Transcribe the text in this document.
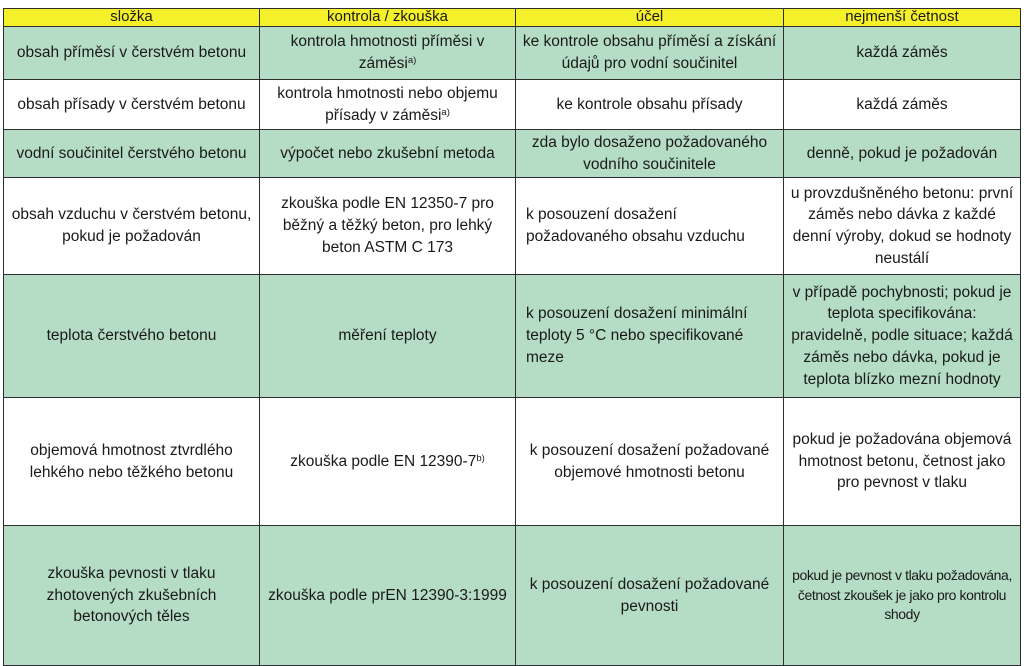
složka	kontrola / zkouška	účel	nejmenší četnost
obsah příměsí v čerstvém betonu	kontrola hmotnosti příměsi v záměsi$^{a)}$	ke kontrole obsahu příměsí a získání údajů pro vodní součinitel	každá záměs
obsah přísady v čerstvém betonu	kontrola hmotnosti nebo objemu přísady v záměsi$^{a)}$	ke kontrole obsahu přísady	každá záměs
vodní součinitel čerstvého betonu	výpočet nebo zkušební metoda	zda bylo dosaženo požadovaného vodního součinitele	denně, pokud je požadován
obsah vzduchu v čerstvém betonu, pokud je požadován	zkouška podle EN 12350-7 pro běžný a těžký beton, pro lehký beton ASTM C 173	k posouzení dosažení požadovaného obsahu vzduchu	u provzdušněného betonu: první záměs nebo dávka z každé denní výroby, dokud se hodnoty neustálí
teplota čerstvého betonu	měření teploty	k posouzení dosažení minimální teploty 5 °C nebo specifikované meze	v případě pochybnosti; pokud je teplota specifikována: pravidelně, podle situace; každá záměs nebo dávka, pokud je teplota blízko mezní hodnoty
objemová hmotnost ztvrdlého lehkého nebo těžkého betonu	zkouška podle EN 12390-7$^{b)}$	k posouzení dosažení požadované objemové hmotnosti betonu	pokud je požadována objemová hmotnost betonu, četnost jako pro pevnost v tlaku
zkouška pevnosti v tlaku zhotovených zkušebních betonových těles	zkouška podle prEN 12390-3:1999	k posouzení dosažení požadované pevnosti	pokud je pevnost v tlaku požadována, četnost zkoušek je jako pro kontrolu shody
